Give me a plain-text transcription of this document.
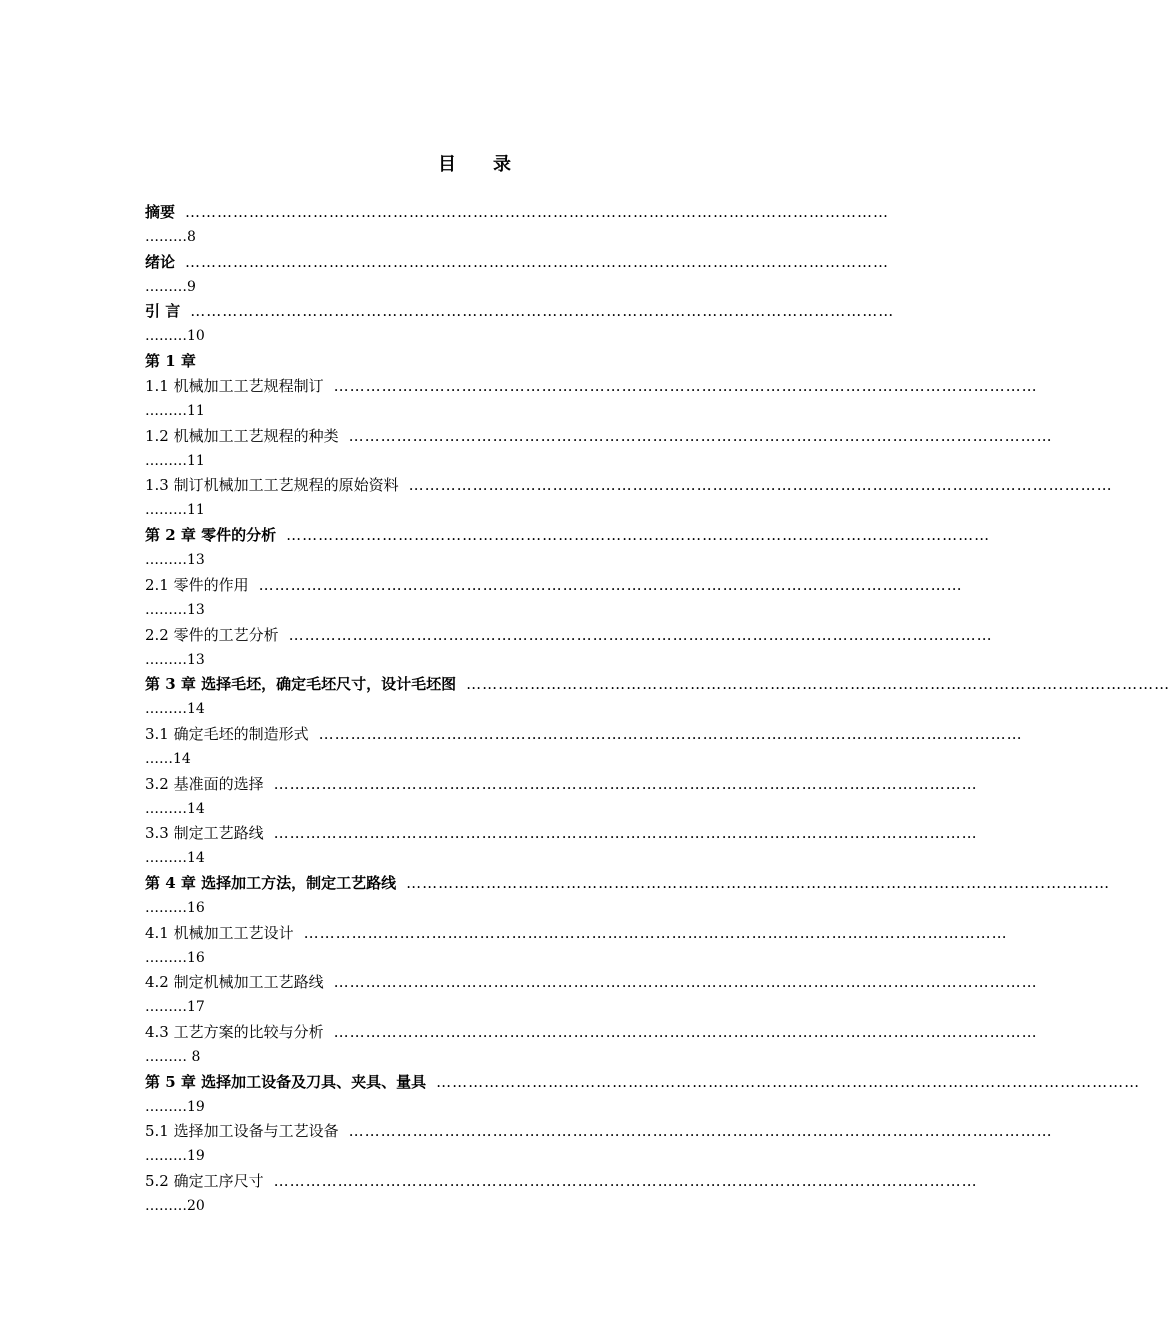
目 录
摘要 ……………………………………………………………………………………………………………………
………8
绪论 ……………………………………………………………………………………………………………………
………9
引 言 ……………………………………………………………………………………………………………………
………10
第 1 章
1.1 机械加工工艺规程制订 ……………………………………………………………………………………………………………………
………11
1.2 机械加工工艺规程的种类 ……………………………………………………………………………………………………………………
………11
1.3 制订机械加工工艺规程的原始资料 ……………………………………………………………………………………………………………………
………11
第 2 章 零件的分析 ……………………………………………………………………………………………………………………
………13
2.1 零件的作用 ……………………………………………………………………………………………………………………
………13
2.2 零件的工艺分析 ……………………………………………………………………………………………………………………
………13
第 3 章 选择毛坯，确定毛坯尺寸，设计毛坯图 ……………………………………………………………………………………………………………………
………14
3.1 确定毛坯的制造形式 ……………………………………………………………………………………………………………………
……14
3.2 基准面的选择 ……………………………………………………………………………………………………………………
………14
3.3 制定工艺路线 ……………………………………………………………………………………………………………………
………14
第 4 章 选择加工方法，制定工艺路线 ……………………………………………………………………………………………………………………
………16
4.1 机械加工工艺设计 ……………………………………………………………………………………………………………………
………16
4.2 制定机械加工工艺路线 ……………………………………………………………………………………………………………………
………17
4.3 工艺方案的比较与分析 ……………………………………………………………………………………………………………………
……… 8
第 5 章 选择加工设备及刀具、夹具、量具 ……………………………………………………………………………………………………………………
………19
5.1 选择加工设备与工艺设备 ……………………………………………………………………………………………………………………
………19
5.2 确定工序尺寸 ……………………………………………………………………………………………………………………
………20
